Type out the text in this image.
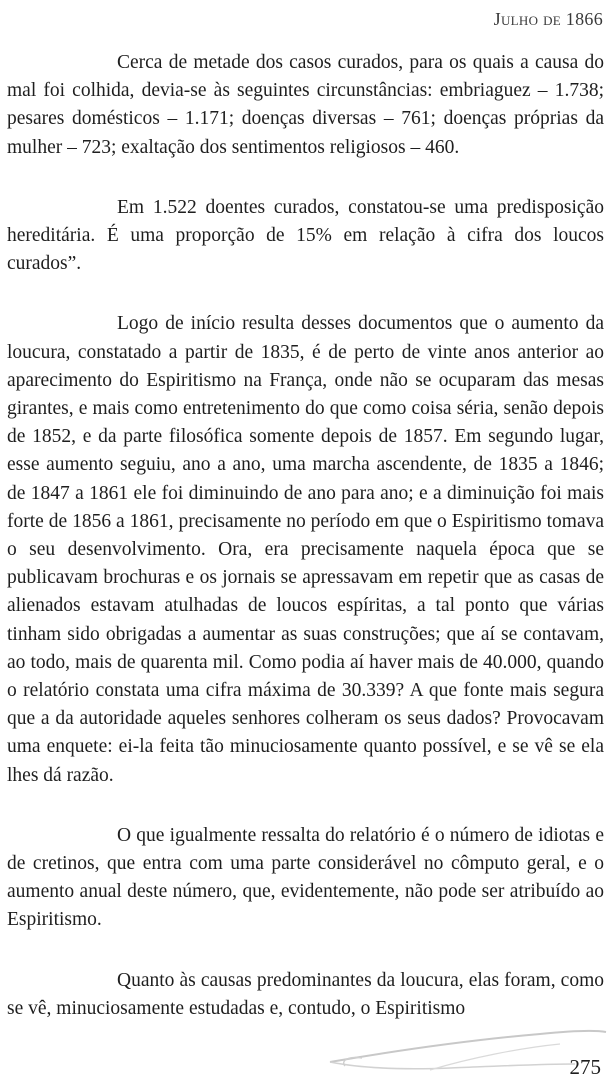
Julho de 1866

Cerca de metade dos casos curados, para os quais a causa do mal foi colhida, devia-se às seguintes circunstâncias: embriaguez – 1.738; pesares domésticos – 1.171; doenças diversas – 761; doenças próprias da mulher – 723; exaltação dos sentimentos religiosos – 460.

Em 1.522 doentes curados, constatou-se uma predisposição hereditária. É uma proporção de 15% em relação à cifra dos loucos curados”.

Logo de início resulta desses documentos que o aumento da loucura, constatado a partir de 1835, é de perto de vinte anos anterior ao aparecimento do Espiritismo na França, onde não se ocuparam das mesas girantes, e mais como entretenimento do que como coisa séria, senão depois de 1852, e da parte filosófica somente depois de 1857. Em segundo lugar, esse aumento seguiu, ano a ano, uma marcha ascendente, de 1835 a 1846; de 1847 a 1861 ele foi diminuindo de ano para ano; e a diminuição foi mais forte de 1856 a 1861, precisamente no período em que o Espiritismo tomava o seu desenvolvimento. Ora, era precisamente naquela época que se publicavam brochuras e os jornais se apressavam em repetir que as casas de alienados estavam atulhadas de loucos espíritas, a tal ponto que várias tinham sido obrigadas a aumentar as suas construções; que aí se contavam, ao todo, mais de quarenta mil. Como podia aí haver mais de 40.000, quando o relatório constata uma cifra máxima de 30.339? A que fonte mais segura que a da autoridade aqueles senhores colheram os seus dados? Provocavam uma enquete: ei-la feita tão minuciosamente quanto possível, e se vê se ela lhes dá razão.

O que igualmente ressalta do relatório é o número de idiotas e de cretinos, que entra com uma parte considerável no cômputo geral, e o aumento anual deste número, que, evidentemente, não pode ser atribuído ao Espiritismo.

Quanto às causas predominantes da loucura, elas foram, como se vê, minuciosamente estudadas e, contudo, o Espiritismo

275
